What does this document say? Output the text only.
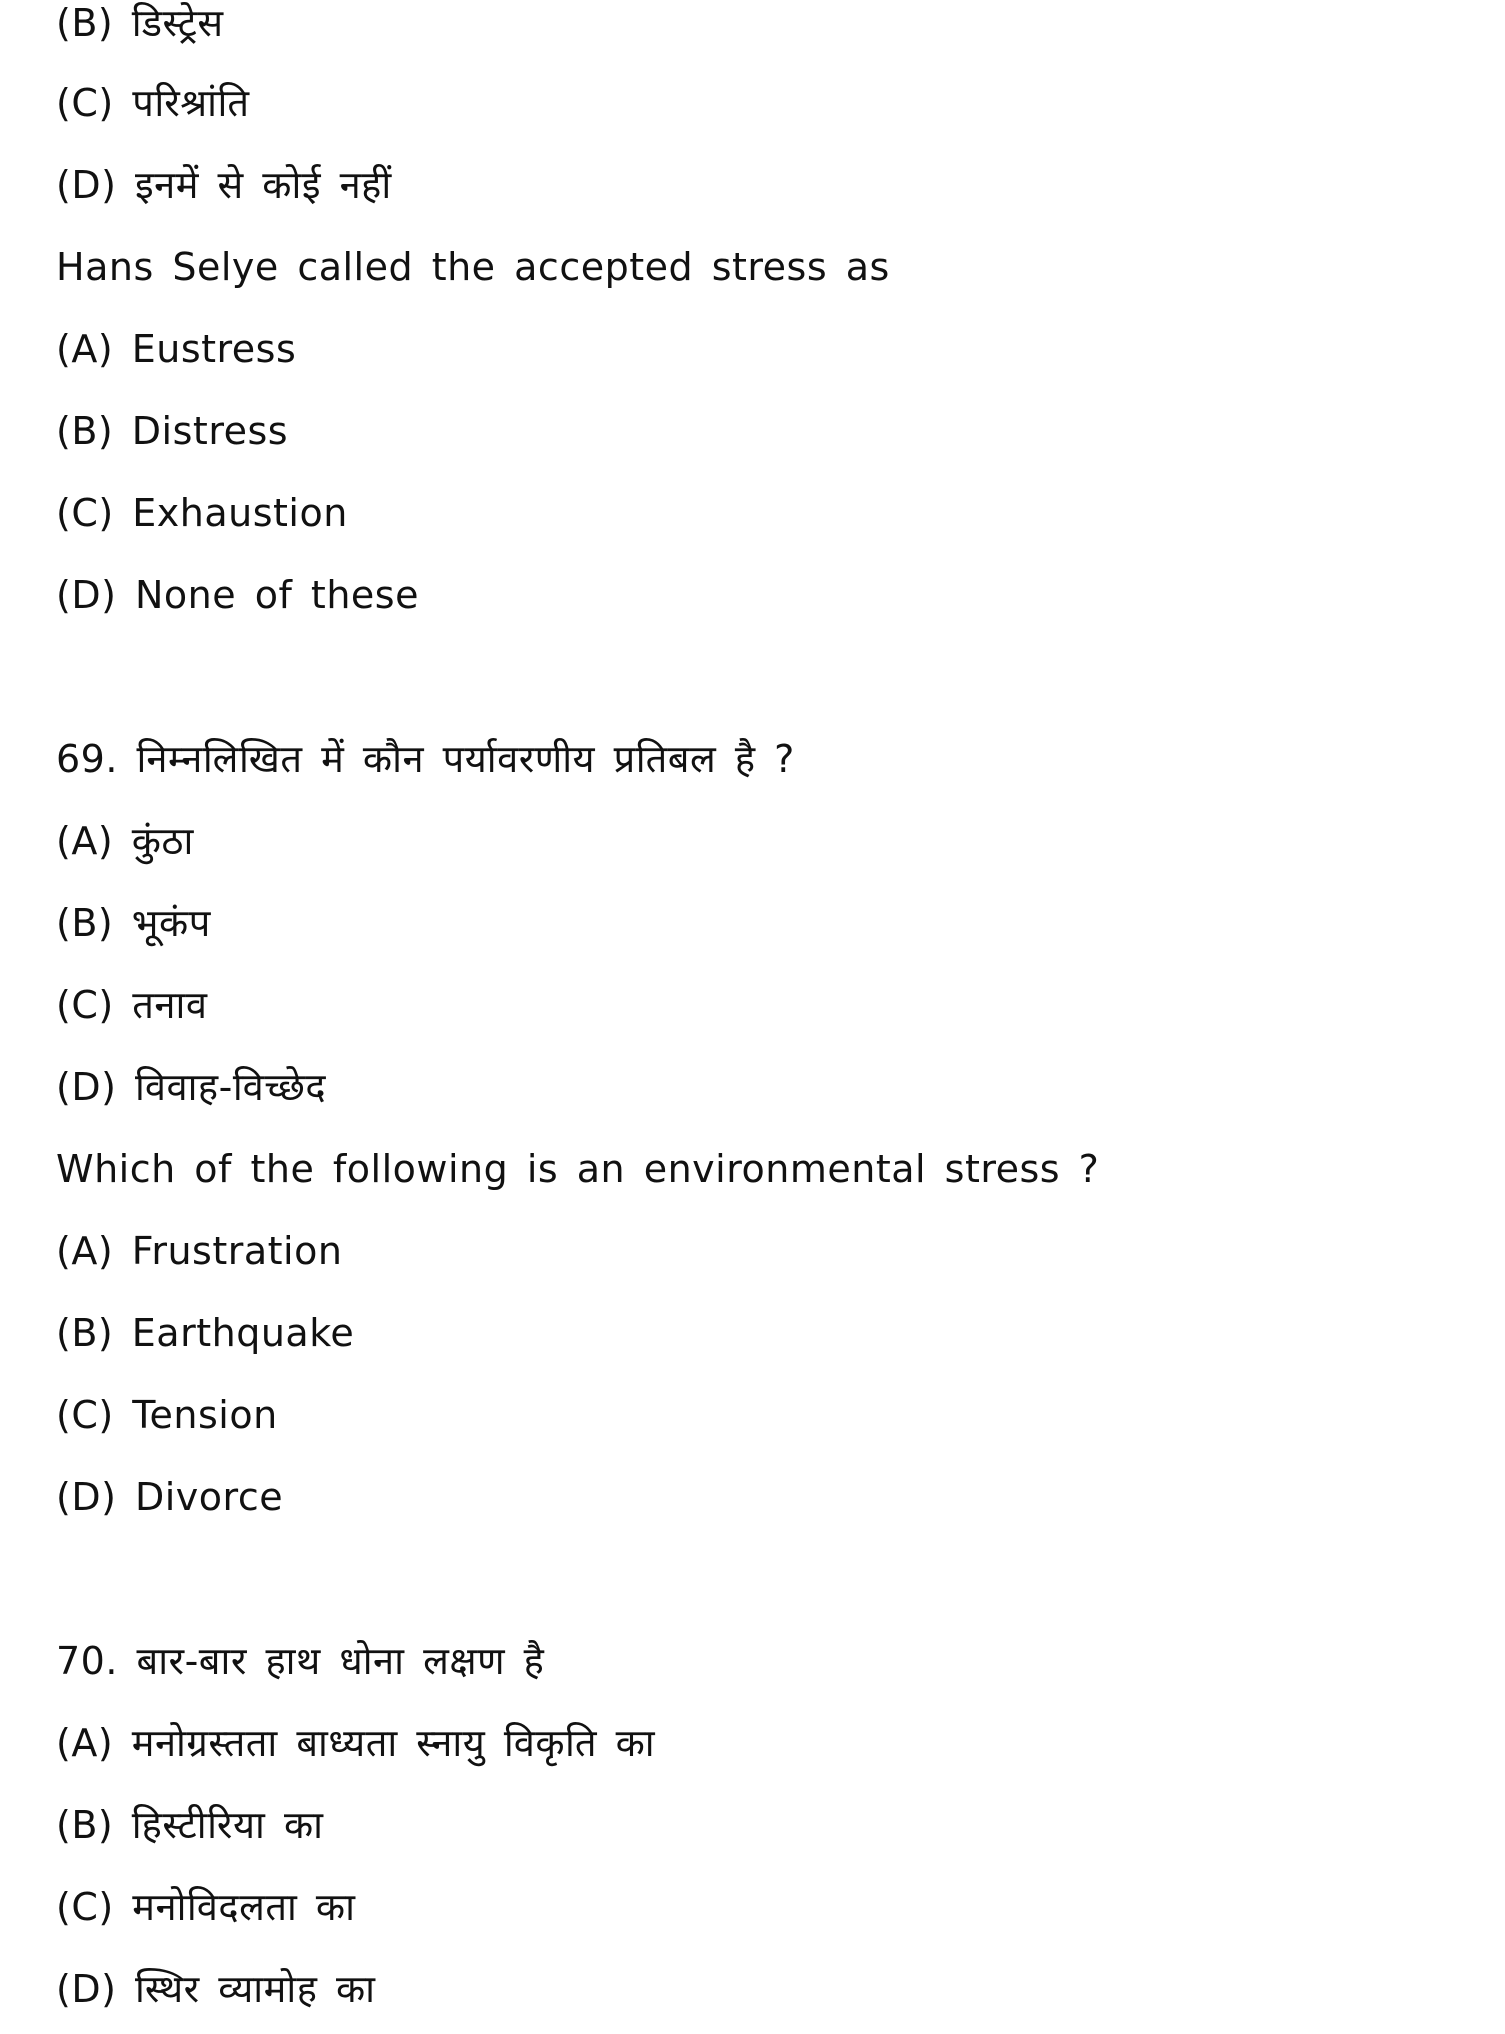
(B) डिस्ट्रेस
(C) परिश्रांति
(D) इनमें से कोई नहीं
Hans Selye called the accepted stress as
(A) Eustress
(B) Distress
(C) Exhaustion
(D) None of these
69. निम्नलिखित में कौन पर्यावरणीय प्रतिबल है ?
(A) कुंठा
(B) भूकंप
(C) तनाव
(D) विवाह-विच्छेद
Which of the following is an environmental stress ?
(A) Frustration
(B) Earthquake
(C) Tension
(D) Divorce
70. बार-बार हाथ धोना लक्षण है
(A) मनोग्रस्तता बाध्यता स्नायु विकृति का
(B) हिस्टीरिया का
(C) मनोविदलता का
(D) स्थिर व्यामोह का
